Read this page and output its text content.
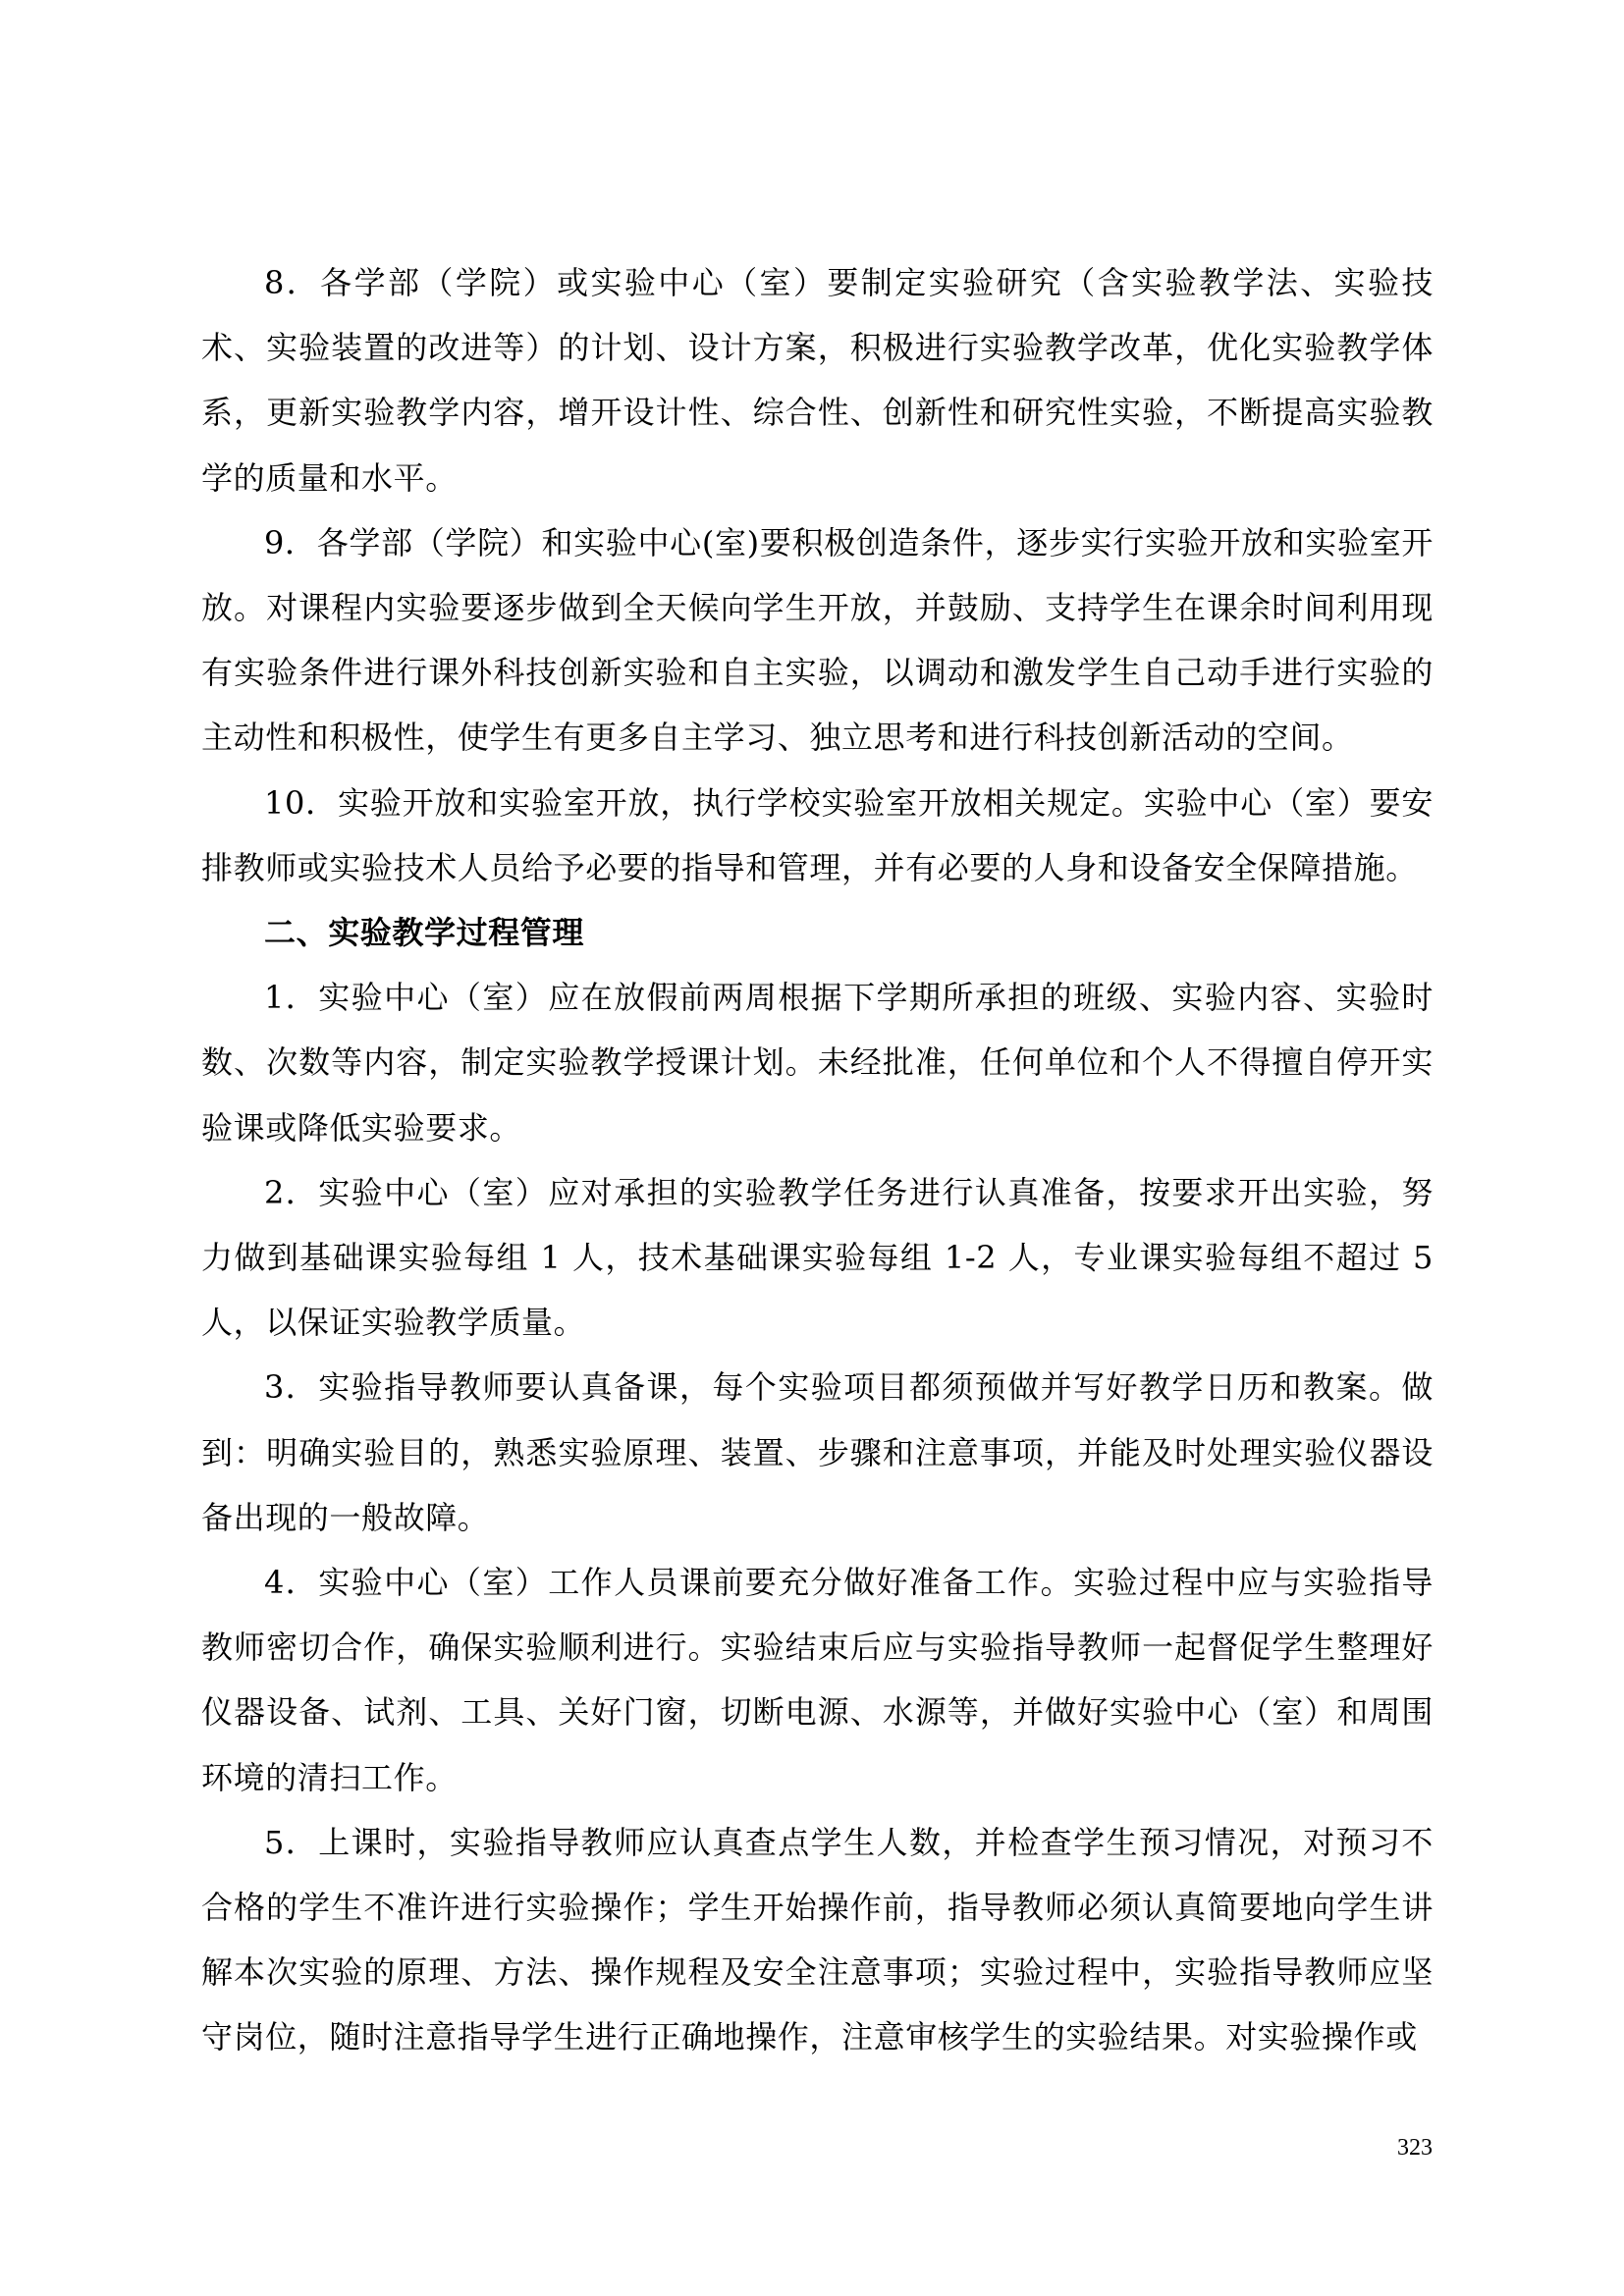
8．各学部（学院）或实验中心（室）要制定实验研究（含实验教学法、实验技术、实验装置的改进等）的计划、设计方案，积极进行实验教学改革，优化实验教学体系，更新实验教学内容，增开设计性、综合性、创新性和研究性实验，不断提高实验教学的质量和水平。

9．各学部（学院）和实验中心(室)要积极创造条件，逐步实行实验开放和实验室开放。对课程内实验要逐步做到全天候向学生开放，并鼓励、支持学生在课余时间利用现有实验条件进行课外科技创新实验和自主实验，以调动和激发学生自己动手进行实验的主动性和积极性，使学生有更多自主学习、独立思考和进行科技创新活动的空间。

10．实验开放和实验室开放，执行学校实验室开放相关规定。实验中心（室）要安排教师或实验技术人员给予必要的指导和管理，并有必要的人身和设备安全保障措施。

二、实验教学过程管理

1．实验中心（室）应在放假前两周根据下学期所承担的班级、实验内容、实验时数、次数等内容，制定实验教学授课计划。未经批准，任何单位和个人不得擅自停开实验课或降低实验要求。

2．实验中心（室）应对承担的实验教学任务进行认真准备，按要求开出实验，努力做到基础课实验每组 1 人，技术基础课实验每组 1-2 人，专业课实验每组不超过 5 人，以保证实验教学质量。

3．实验指导教师要认真备课，每个实验项目都须预做并写好教学日历和教案。做到：明确实验目的，熟悉实验原理、装置、步骤和注意事项，并能及时处理实验仪器设备出现的一般故障。

4．实验中心（室）工作人员课前要充分做好准备工作。实验过程中应与实验指导教师密切合作，确保实验顺利进行。实验结束后应与实验指导教师一起督促学生整理好仪器设备、试剂、工具、关好门窗，切断电源、水源等，并做好实验中心（室）和周围环境的清扫工作。

5．上课时，实验指导教师应认真查点学生人数，并检查学生预习情况，对预习不合格的学生不准许进行实验操作；学生开始操作前，指导教师必须认真简要地向学生讲解本次实验的原理、方法、操作规程及安全注意事项；实验过程中，实验指导教师应坚守岗位，随时注意指导学生进行正确地操作，注意审核学生的实验结果。对实验操作或

323
